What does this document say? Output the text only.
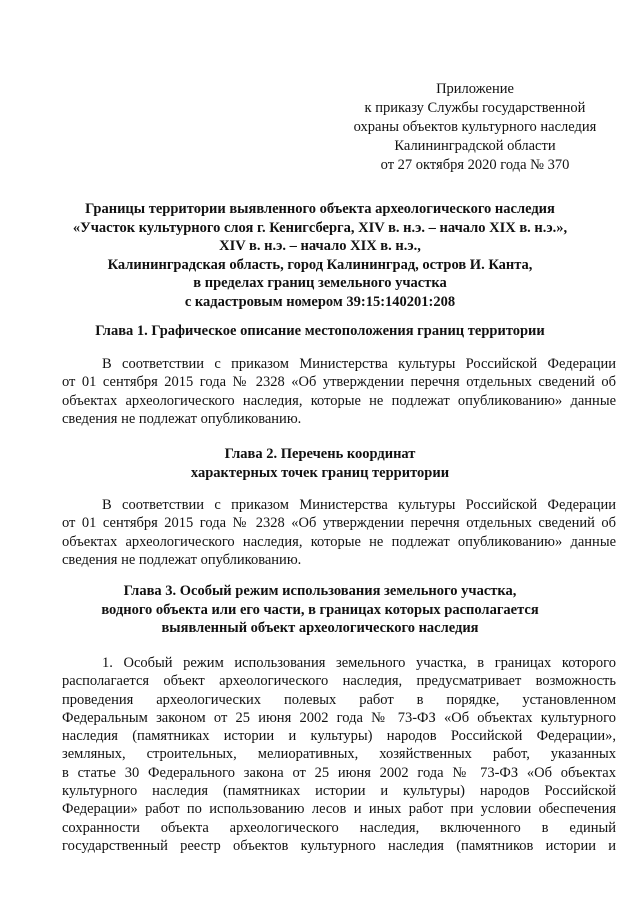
Приложение
к приказу Службы государственной
охраны объектов культурного наследия
Калининградской области
от 27 октября 2020 года № 370
Границы территории выявленного объекта археологического наследия
«Участок культурного слоя г. Кенигсберга, XIV в. н.э. – начало XIX в. н.э.»,
XIV в. н.э. – начало XIX в. н.э.,
Калининградская область, город Калининград, остров И. Канта,
в пределах границ земельного участка
с кадастровым номером 39:15:140201:208
Глава 1. Графическое описание местоположения границ территории
В соответствии с приказом Министерства культуры Российской Федерации
от 01 сентября 2015 года № 2328 «Об утверждении перечня отдельных сведений об
объектах археологического наследия, которые не подлежат опубликованию» данные
сведения не подлежат опубликованию.
Глава 2. Перечень координат
характерных точек границ территории
В соответствии с приказом Министерства культуры Российской Федерации
от 01 сентября 2015 года № 2328 «Об утверждении перечня отдельных сведений об
объектах археологического наследия, которые не подлежат опубликованию» данные
сведения не подлежат опубликованию.
Глава 3. Особый режим использования земельного участка,
водного объекта или его части, в границах которых располагается
выявленный объект археологического наследия
1. Особый режим использования земельного участка, в границах которого
располагается объект археологического наследия, предусматривает возможность
проведения археологических полевых работ в порядке, установленном
Федеральным законом от 25 июня 2002 года № 73-ФЗ «Об объектах культурного
наследия (памятниках истории и культуры) народов Российской Федерации»,
земляных, строительных, мелиоративных, хозяйственных работ, указанных
в статье 30 Федерального закона от 25 июня 2002 года № 73-ФЗ «Об объектах
культурного наследия (памятниках истории и культуры) народов Российской
Федерации» работ по использованию лесов и иных работ при условии обеспечения
сохранности объекта археологического наследия, включенного в единый
государственный реестр объектов культурного наследия (памятников истории и
